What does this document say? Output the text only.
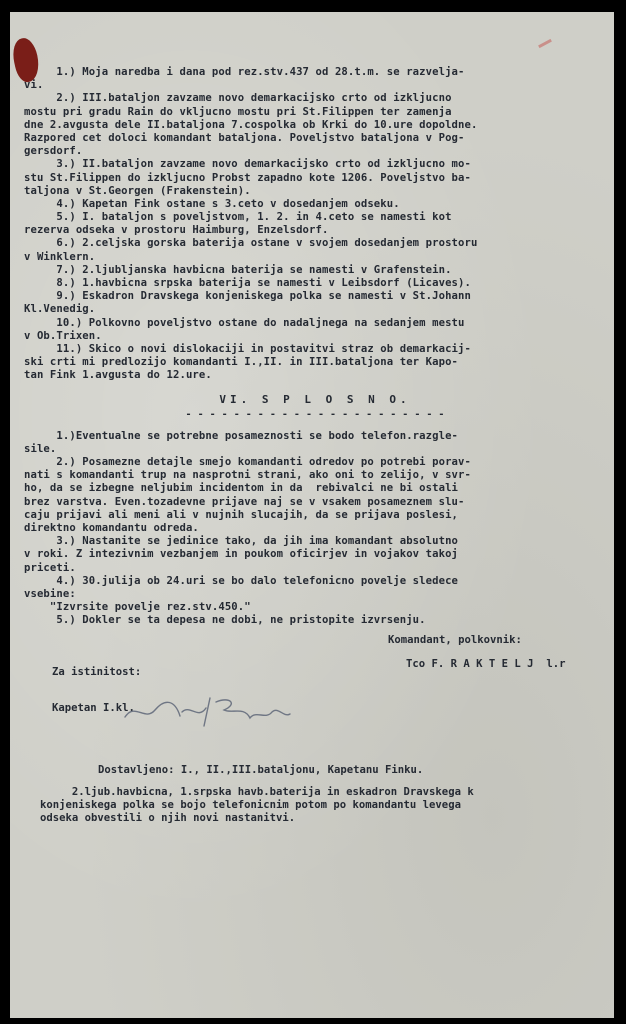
1.) Moja naredba i dana pod rez.stv.437 od 28.t.m. se razvelja-
vi.
2.) III.bataljon zavzame novo demarkacijsko crto od izkljucno
mostu pri gradu Rain do vkljucno mostu pri St.Filippen ter zamenja
dne 2.avgusta dele II.bataljona 7.cospolka ob Krki do 10.ure dopoldne.
Razpored cet doloci komandant bataljona. Poveljstvo bataljona v Pog-
gersdorf.
3.) II.bataljon zavzame novo demarkacijsko crto od izkljucno mo-
stu St.Filippen do izkljucno Probst zapadno kote 1206. Poveljstvo ba-
taljona v St.Georgen (Frakenstein).
4.) Kapetan Fink ostane s 3.ceto v dosedanjem odseku.
5.) I. bataljon s poveljstvom, 1. 2. in 4.ceto se namesti kot
rezerva odseka v prostoru Haimburg, Enzelsdorf.
6.) 2.celjska gorska baterija ostane v svojem dosedanjem prostoru
v Winklern.
7.) 2.ljubljanska havbicna baterija se namesti v Grafenstein.
8.) 1.havbicna srpska baterija se namesti v Leibsdorf (Licaves).
9.) Eskadron Dravskega konjeniskega polka se namesti v St.Johann
Kl.Venedig.
10.) Polkovno poveljstvo ostane do nadaljnega na sedanjem mestu
v Ob.Trixen.
11.) Skico o novi dislokaciji in postavitvi straz ob demarkacij-
ski crti mi predlozijo komandanti I.,II. in III.bataljona ter Kapo-
tan Fink 1.avgusta do 12.ure.
VI. S P L O S N O.
- - - - - - - - - - - - - - - - - - - - - -
1.)Eventualne se potrebne posameznosti se bodo telefon.razgle-
sile.
2.) Posamezne detajle smejo komandanti odredov po potrebi porav-
nati s komandanti trup na nasprotni strani, ako oni to zelijo, v svr-
ho, da se izbegne neljubim incidentom in da  rebivalci ne bi ostali
brez varstva. Even.tozadevne prijave naj se v vsakem posameznem slu-
caju prijavi ali meni ali v nujnih slucajih, da se prijava poslesi,
direktno komandantu odreda.
3.) Nastanite se jedinice tako, da jih ima komandant absolutno
v roki. Z intezivnim vezbanjem in poukom oficirjev in vojakov takoj
priceti.
4.) 30.julija ob 24.uri se bo dalo telefonicno povelje sledece
vsebine:
"Izvrsite povelje rez.stv.450."
5.) Dokler se ta depesa ne dobi, ne pristopite izvrsenju.
Komandant, polkovnik:
Tco F. R A K T E L J  l.r
Za istinitost:
Kapetan I.kl.
Dostavljeno: I., II.,III.bataljonu, Kapetanu Finku.
2.ljub.havbicna, 1.srpska havb.baterija in eskadron Dravskega k
konjeniskega polka se bojo telefonicnim potom po komandantu levega
odseka obvestili o njih novi nastanitvi.
